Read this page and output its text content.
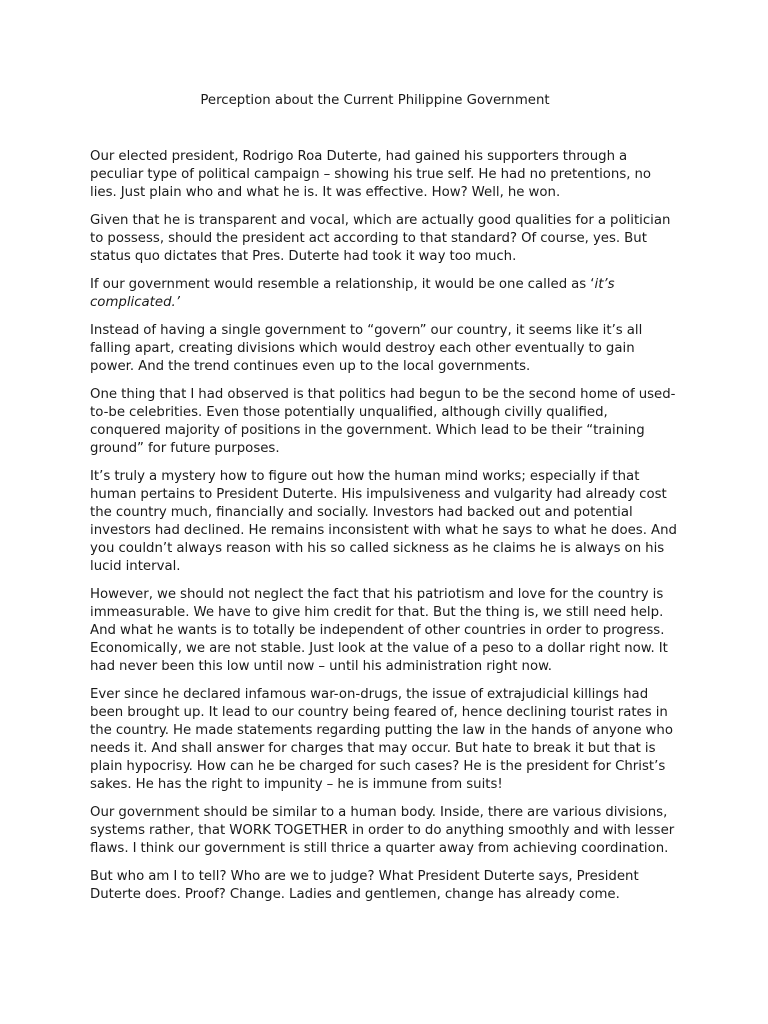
Perception about the Current Philippine Government

Our elected president, Rodrigo Roa Duterte, had gained his supporters through a peculiar type of political campaign – showing his true self. He had no pretentions, no lies. Just plain who and what he is. It was effective. How? Well, he won.

Given that he is transparent and vocal, which are actually good qualities for a politician to possess, should the president act according to that standard? Of course, yes. But status quo dictates that Pres. Duterte had took it way too much.

If our government would resemble a relationship, it would be one called as ‘it’s complicated.’

Instead of having a single government to “govern” our country, it seems like it’s all falling apart, creating divisions which would destroy each other eventually to gain power. And the trend continues even up to the local governments.

One thing that I had observed is that politics had begun to be the second home of used-to-be celebrities. Even those potentially unqualified, although civilly qualified, conquered majority of positions in the government. Which lead to be their “training ground” for future purposes.

It’s truly a mystery how to figure out how the human mind works; especially if that human pertains to President Duterte. His impulsiveness and vulgarity had already cost the country much, financially and socially. Investors had backed out and potential investors had declined. He remains inconsistent with what he says to what he does. And you couldn’t always reason with his so called sickness as he claims he is always on his lucid interval.

However, we should not neglect the fact that his patriotism and love for the country is immeasurable. We have to give him credit for that. But the thing is, we still need help. And what he wants is to totally be independent of other countries in order to progress. Economically, we are not stable. Just look at the value of a peso to a dollar right now. It had never been this low until now – until his administration right now.

Ever since he declared infamous war-on-drugs, the issue of extrajudicial killings had been brought up. It lead to our country being feared of, hence declining tourist rates in the country. He made statements regarding putting the law in the hands of anyone who needs it. And shall answer for charges that may occur. But hate to break it but that is plain hypocrisy. How can he be charged for such cases? He is the president for Christ’s sakes. He has the right to impunity – he is immune from suits!

Our government should be similar to a human body. Inside, there are various divisions, systems rather, that WORK TOGETHER in order to do anything smoothly and with lesser flaws. I think our government is still thrice a quarter away from achieving coordination.

But who am I to tell? Who are we to judge? What President Duterte says, President Duterte does. Proof? Change. Ladies and gentlemen, change has already come.
